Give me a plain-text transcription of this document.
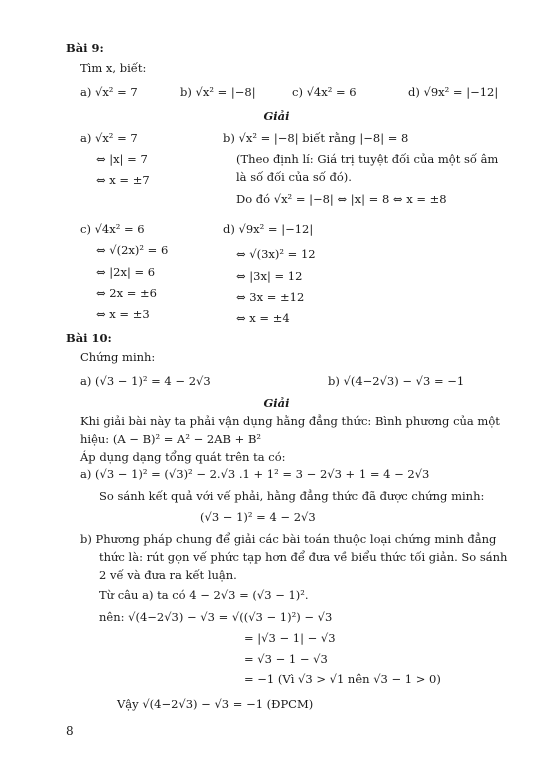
Bài 9:
Tìm x, biết:
a) √x² = 7	b) √x² = |−8|	c) √4x² = 6	d) √9x² = |−12|
Giải
a) √x² = 7
⇔ |x| = 7
⇔ x = ±7
b) √x² = |−8| biết rằng |−8| = 8
(Theo định lí: Giá trị tuyệt đối của một số âm
là số đối của số đó).
Do đó √x² = |−8| ⇔ |x| = 8 ⇔ x = ±8
c) √4x² = 6
⇔ √(2x)² = 6
⇔ |2x| = 6
⇔ 2x = ±6
⇔ x = ±3
d) √9x² = |−12|
⇔ √(3x)² = 12
⇔ |3x| = 12
⇔ 3x = ±12
⇔ x = ±4
Bài 10:
Chứng minh:
a) (√3 − 1)² = 4 − 2√3	b) √(4−2√3) − √3 = −1
Giải
Khi giải bài này ta phải vận dụng hằng đẳng thức: Bình phương của một
hiệu: (A − B)² = A² − 2AB + B²
Áp dụng dạng tổng quát trên ta có:
a) (√3 − 1)² = (√3)² − 2.√3 .1 + 1² = 3 − 2√3 + 1 = 4 − 2√3
So sánh kết quả với vế phải, hằng đẳng thức đã được chứng minh:
(√3 − 1)² = 4 − 2√3
b) Phương pháp chung để giải các bài toán thuộc loại chứng minh đẳng
thức là: rút gọn vế phức tạp hơn để đưa về biểu thức tối giản. So sánh
2 vế và đưa ra kết luận.
Từ câu a) ta có 4 − 2√3 = (√3 − 1)².
nên: √(4−2√3) − √3 = √((√3 − 1)²) − √3
= |√3 − 1| − √3
= √3 − 1 − √3
= −1 (Vì √3 > √1 nên √3 − 1 > 0)
Vậy √(4−2√3) − √3 = −1 (ĐPCM)
8
